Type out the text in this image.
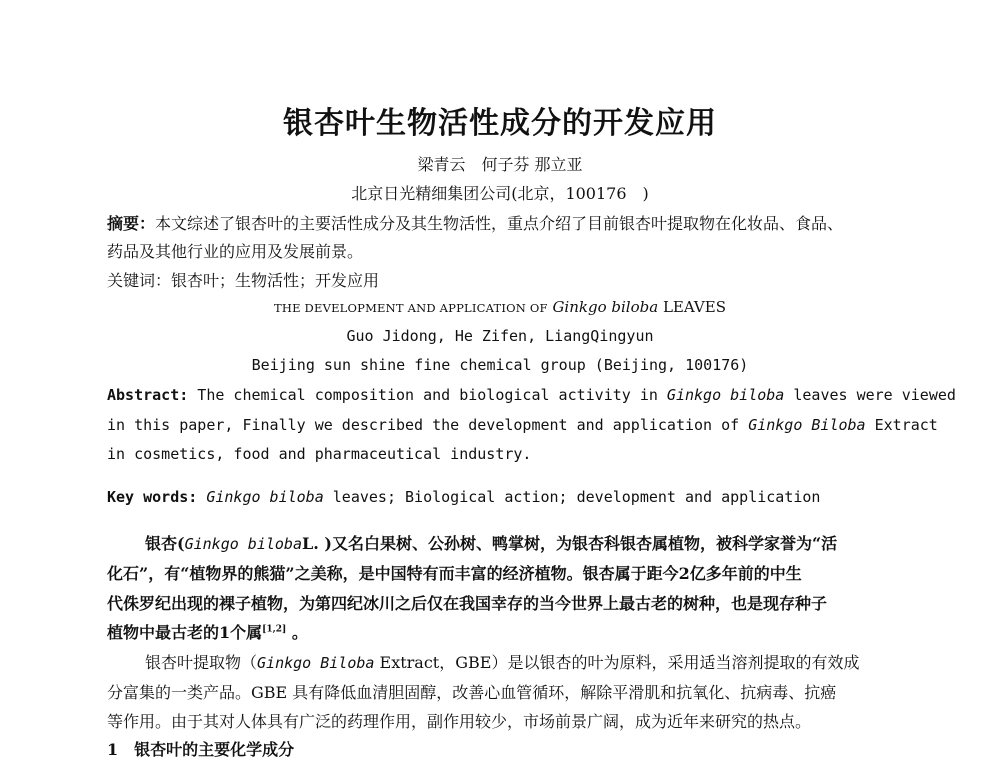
银杏叶生物活性成分的开发应用
梁青云　何子芬 那立亚
北京日光精细集团公司(北京，100176　)
摘要：本文综述了银杏叶的主要活性成分及其生物活性，重点介绍了目前银杏叶提取物在化妆品、食品、
药品及其他行业的应用及发展前景。
关键词：银杏叶；生物活性；开发应用
THE DEVELOPMENT AND APPLICATION OF Ginkgo biloba LEAVES
Guo Jidong, He Zifen, LiangQingyun
Beijing sun shine fine chemical group (Beijing, 100176)
Abstract: The chemical composition and biological activity in Ginkgo biloba leaves were viewed
in this paper, Finally we described the development and application of Ginkgo Biloba Extract
in cosmetics, food and pharmaceutical industry.
Key words: Ginkgo biloba leaves; Biological action; development and application
银杏(Ginkgo bilobaL. )又名白果树、公孙树、鸭掌树，为银杏科银杏属植物，被科学家誉为“活
化石”，有“植物界的熊猫”之美称，是中国特有而丰富的经济植物。银杏属于距今2亿多年前的中生
代侏罗纪出现的裸子植物，为第四纪冰川之后仅在我国幸存的当今世界上最古老的树种，也是现存种子
植物中最古老的1个属[1,2] 。
银杏叶提取物（Ginkgo Biloba Extract，GBE）是以银杏的叶为原料，采用适当溶剂提取的有效成
分富集的一类产品。GBE 具有降低血清胆固醇，改善心血管循环，解除平滑肌和抗氧化、抗病毒、抗癌
等作用。由于其对人体具有广泛的药理作用，副作用较少，市场前景广阔，成为近年来研究的热点。
1　银杏叶的主要化学成分
